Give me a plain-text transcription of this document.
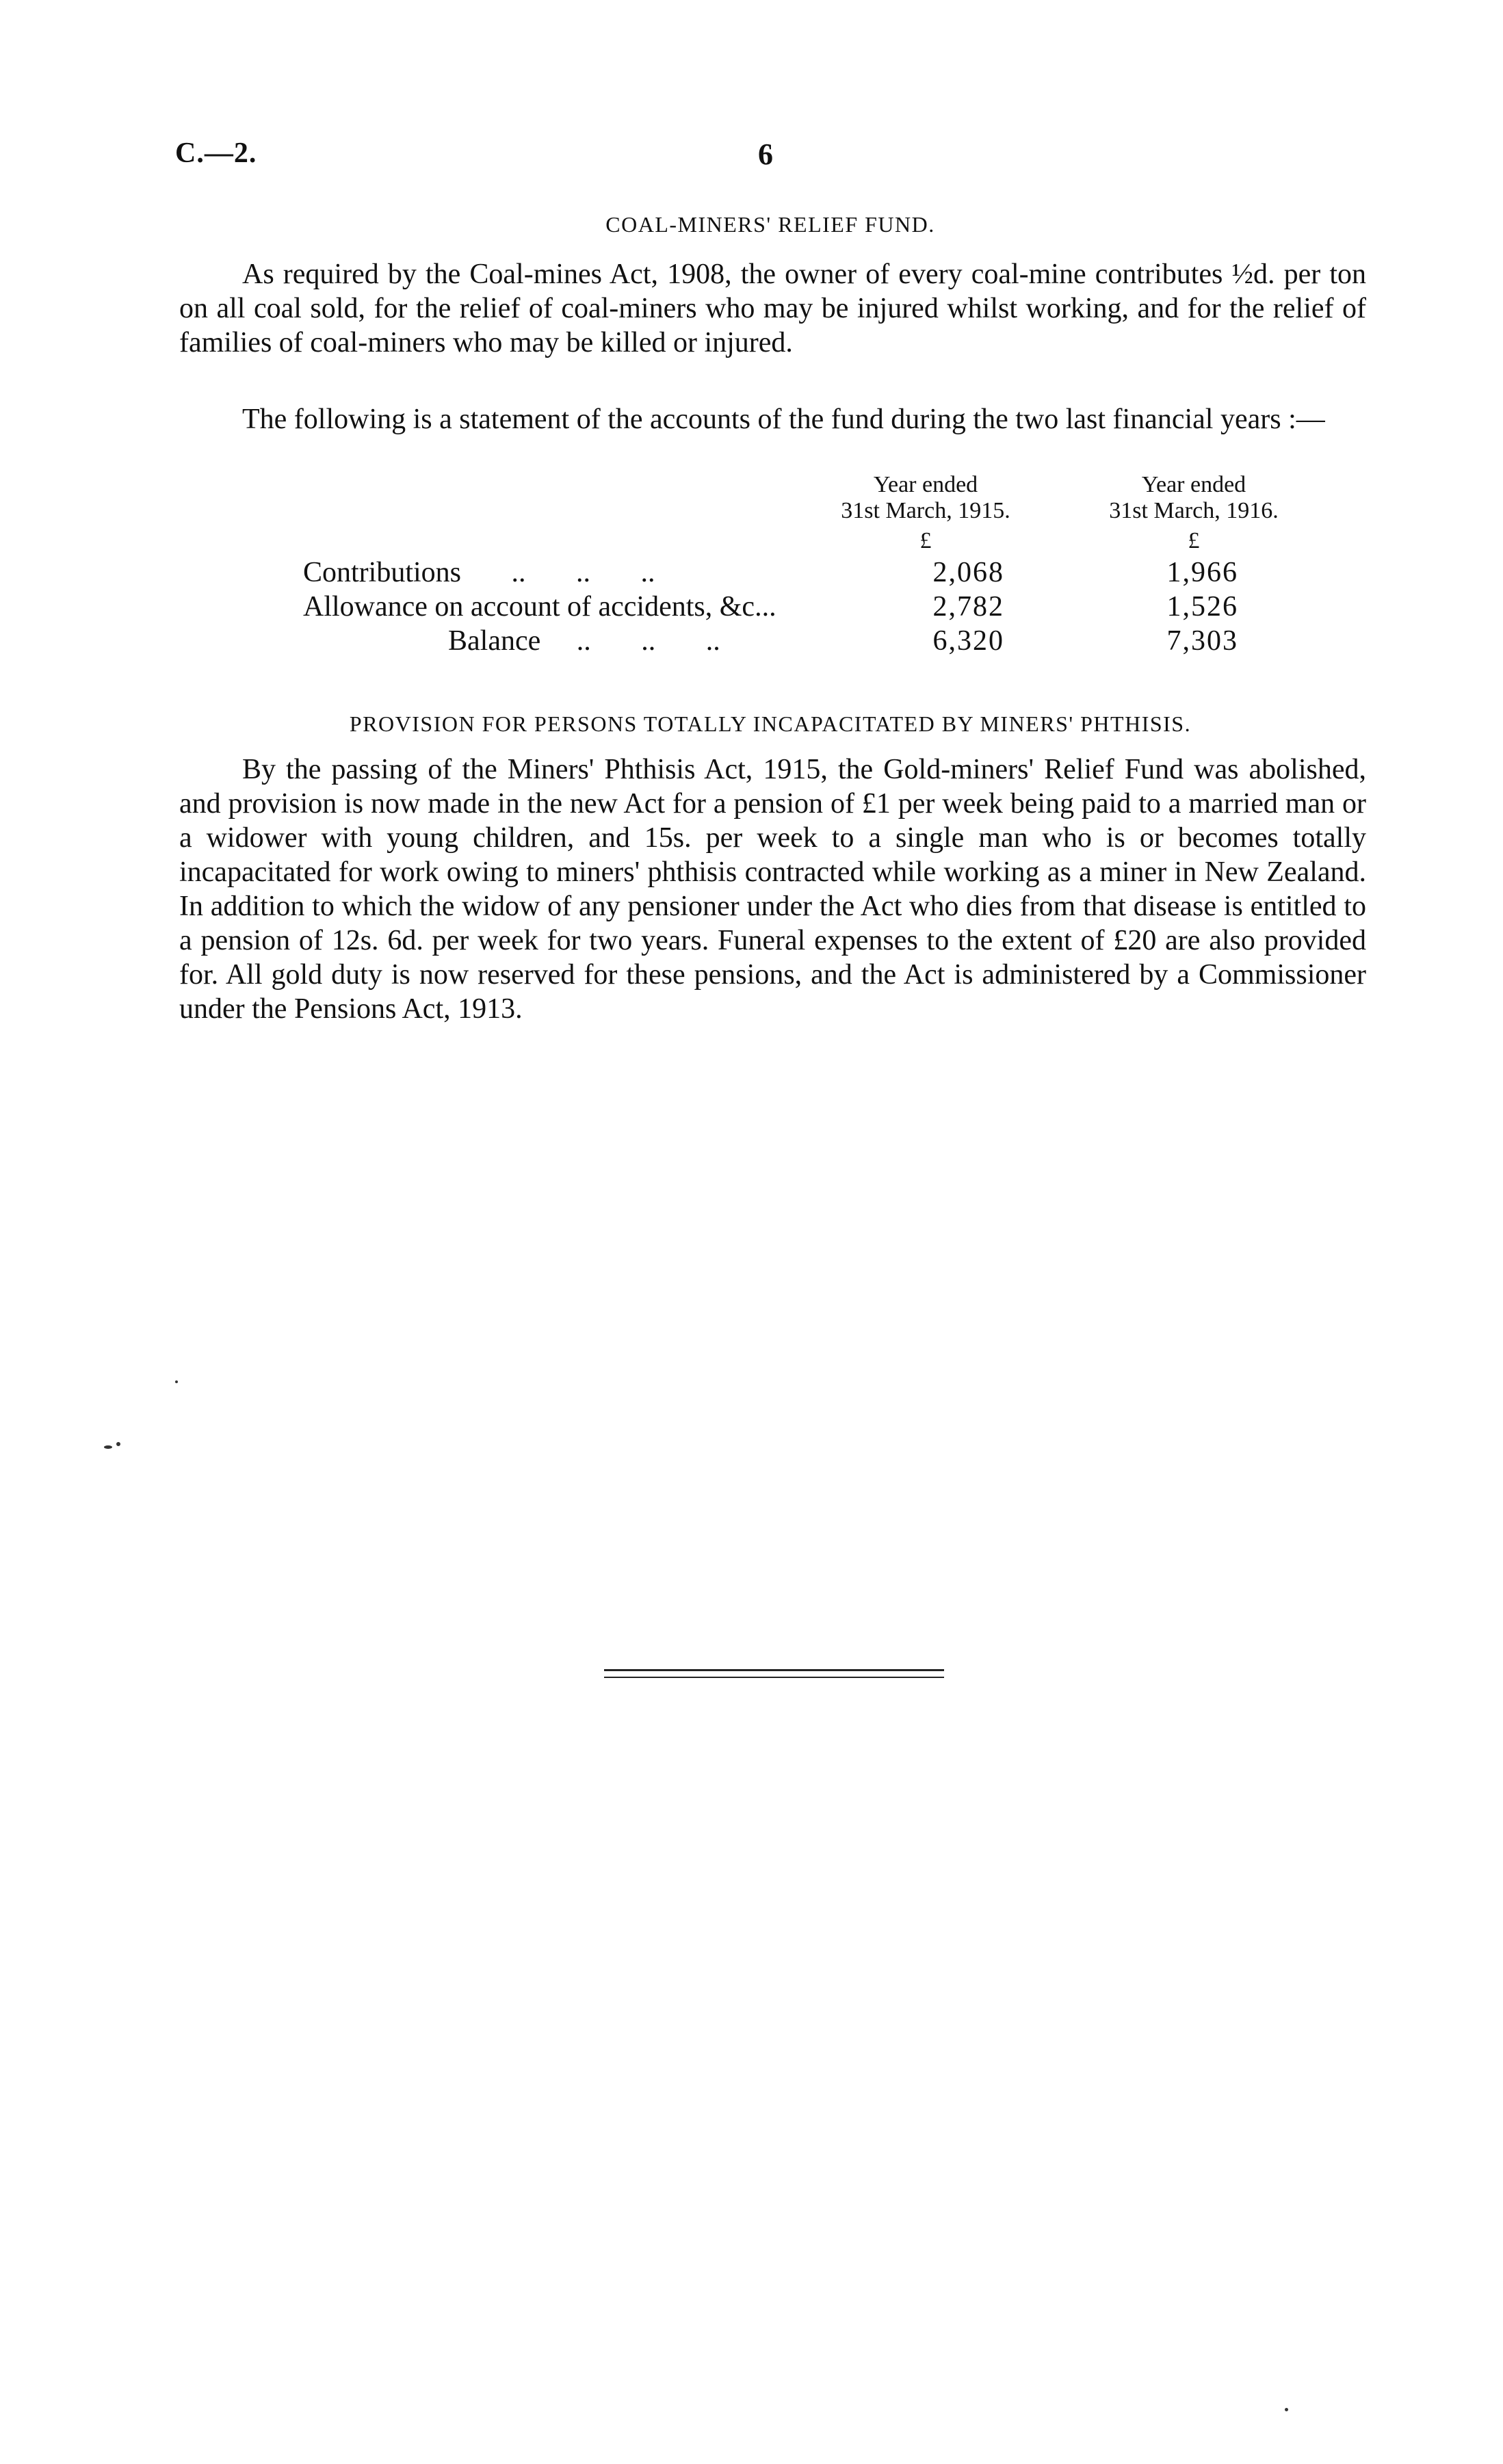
C.—2.	6
COAL-MINERS' RELIEF FUND.

As required by the Coal-mines Act, 1908, the owner of every coal-mine contributes ½d. per ton on all coal sold, for the relief of coal-miners who may be injured whilst working, and for the relief of families of coal-miners who may be killed or injured.

The following is a statement of the accounts of the fund during the two last financial years :—

Year ended
31st March, 1915.
Year ended
31st March, 1916.
£	£
Contributions       ..       ..       ..	2,068	1,966
Allowance on account of accidents, &c...	2,782	1,526
Balance     ..       ..       ..	6,320	7,303
PROVISION FOR PERSONS TOTALLY INCAPACITATED BY MINERS' PHTHISIS.

By the passing of the Miners' Phthisis Act, 1915, the Gold-miners' Relief Fund was abolished, and provision is now made in the new Act for a pension of £1 per week being paid to a married man or a widower with young children, and 15s. per week to a single man who is or becomes totally incapacitated for work owing to miners' phthisis contracted while working as a miner in New Zealand. In addition to which the widow of any pensioner under the Act who dies from that disease is entitled to a pension of 12s. 6d. per week for two years. Funeral expenses to the extent of £20 are also provided for. All gold duty is now reserved for these pensions, and the Act is administered by a Commissioner under the Pensions Act, 1913.
